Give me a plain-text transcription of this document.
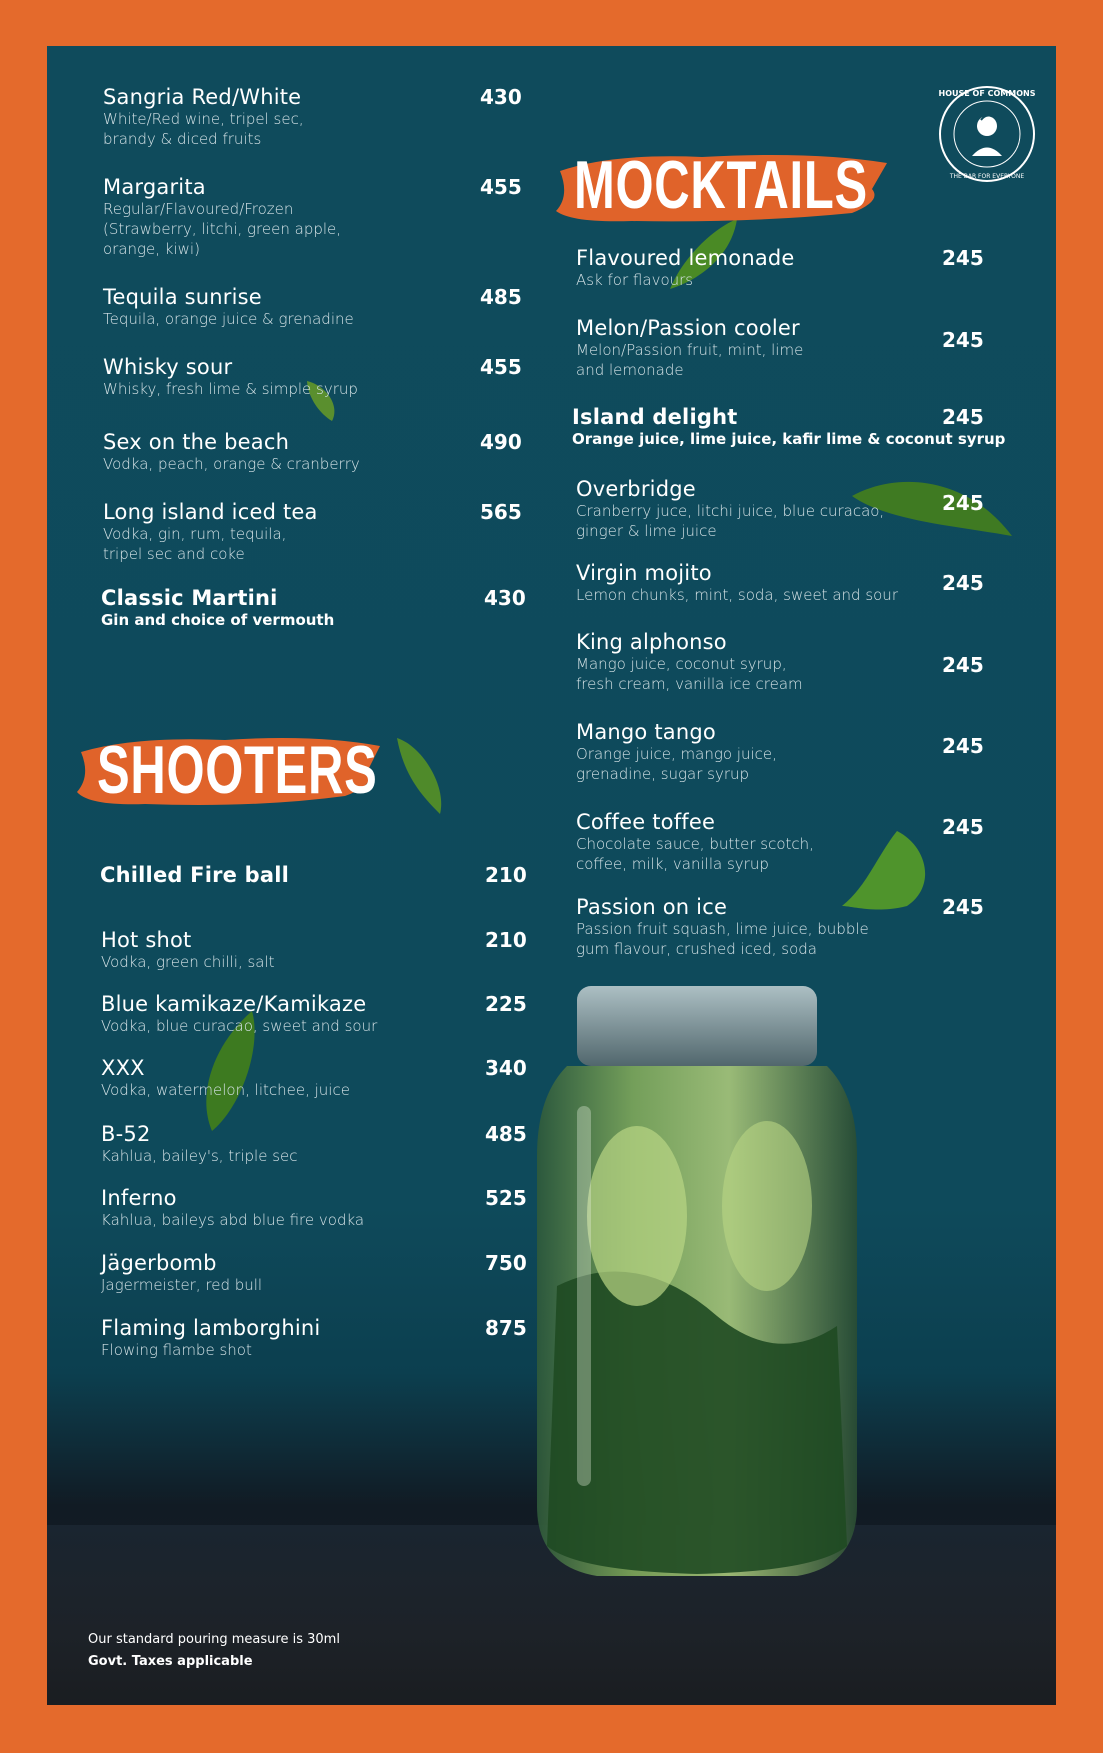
HOUSE OF COMMONS
THE BAR FOR EVERYONE
MOCKTAILS
SHOOTERS
Sangria Red/White
White/Red wine, tripel sec,
brandy & diced fruits
430
Margarita
Regular/Flavoured/Frozen
(Strawberry, litchi, green apple,
orange, kiwi)
455
Tequila sunrise
Tequila, orange juice & grenadine
485
Whisky sour
Whisky, fresh lime & simple syrup
455
Sex on the beach
Vodka, peach, orange & cranberry
490
Long island iced tea
Vodka, gin, rum, tequila,
tripel sec and coke
565
Classic Martini
Gin and choice of vermouth
430
Chilled Fire ball	210
Hot shot
Vodka, green chilli, salt
210
Blue kamikaze/Kamikaze
Vodka, blue curacao, sweet and sour
225
XXX
Vodka, watermelon, litchee, juice
340
B-52
Kahlua, bailey's, triple sec
485
Inferno
Kahlua, baileys abd blue fire vodka
525
Jägerbomb
Jagermeister, red bull
750
Flaming lamborghini
Flowing flambe shot
875
Flavoured lemonade
Ask for flavours
245
Melon/Passion cooler
Melon/Passion fruit, mint, lime
and lemonade
245
Island delight
Orange juice, lime juice, kafir lime & coconut syrup
245
Overbridge
Cranberry juce, litchi juice, blue curacao,
ginger & lime juice
245
Virgin mojito
Lemon chunks, mint, soda, sweet and sour 245
King alphonso
Mango juice, coconut syrup,
fresh cream, vanilla ice cream
245
Mango tango
Orange juice, mango juice,
grenadine, sugar syrup
245
Coffee toffee
Chocolate sauce, butter scotch,
coffee, milk, vanilla syrup
245
Passion on ice
Passion fruit squash, lime juice, bubble
gum flavour, crushed iced, soda
245
Our standard pouring measure is 30ml
Govt. Taxes applicable
